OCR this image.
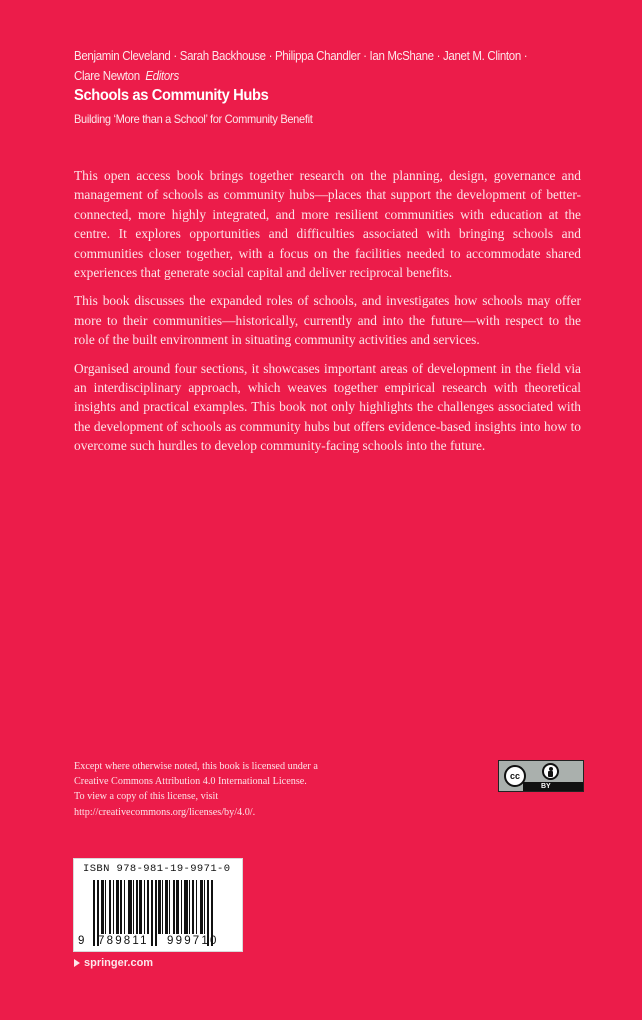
Benjamin Cleveland · Sarah Backhouse · Philippa Chandler · Ian McShane · Janet M. Clinton ·
Clare Newton Editors
Schools as Community Hubs
Building ‘More than a School’ for Community Benefit

This open access book brings together research on the planning, design, governance and management of schools as community hubs—places that support the development of better-connected, more highly integrated, and more resilient communities with education at the centre. It explores opportunities and difficulties associated with bringing schools and communities closer together, with a focus on the facilities needed to accommodate shared experiences that generate social capital and deliver reciprocal benefits.

This book discusses the expanded roles of schools, and investigates how schools may offer more to their communities—historically, currently and into the future—with respect to the role of the built environment in situating community activities and services.

Organised around four sections, it showcases important areas of development in the field via an interdisciplinary approach, which weaves together empirical research with theoretical insights and practical examples. This book not only highlights the challenges associated with the development of schools as community hubs but offers evidence-based insights into how to overcome such hurdles to develop community-facing schools into the future.

Except where otherwise noted, this book is licensed under a
Creative Commons Attribution 4.0 International License.
To view a copy of this license, visit
http://creativecommons.org/licenses/by/4.0/.
cc
BY
ISBN 978-981-19-9971-0
9 789811 999710
springer.com
